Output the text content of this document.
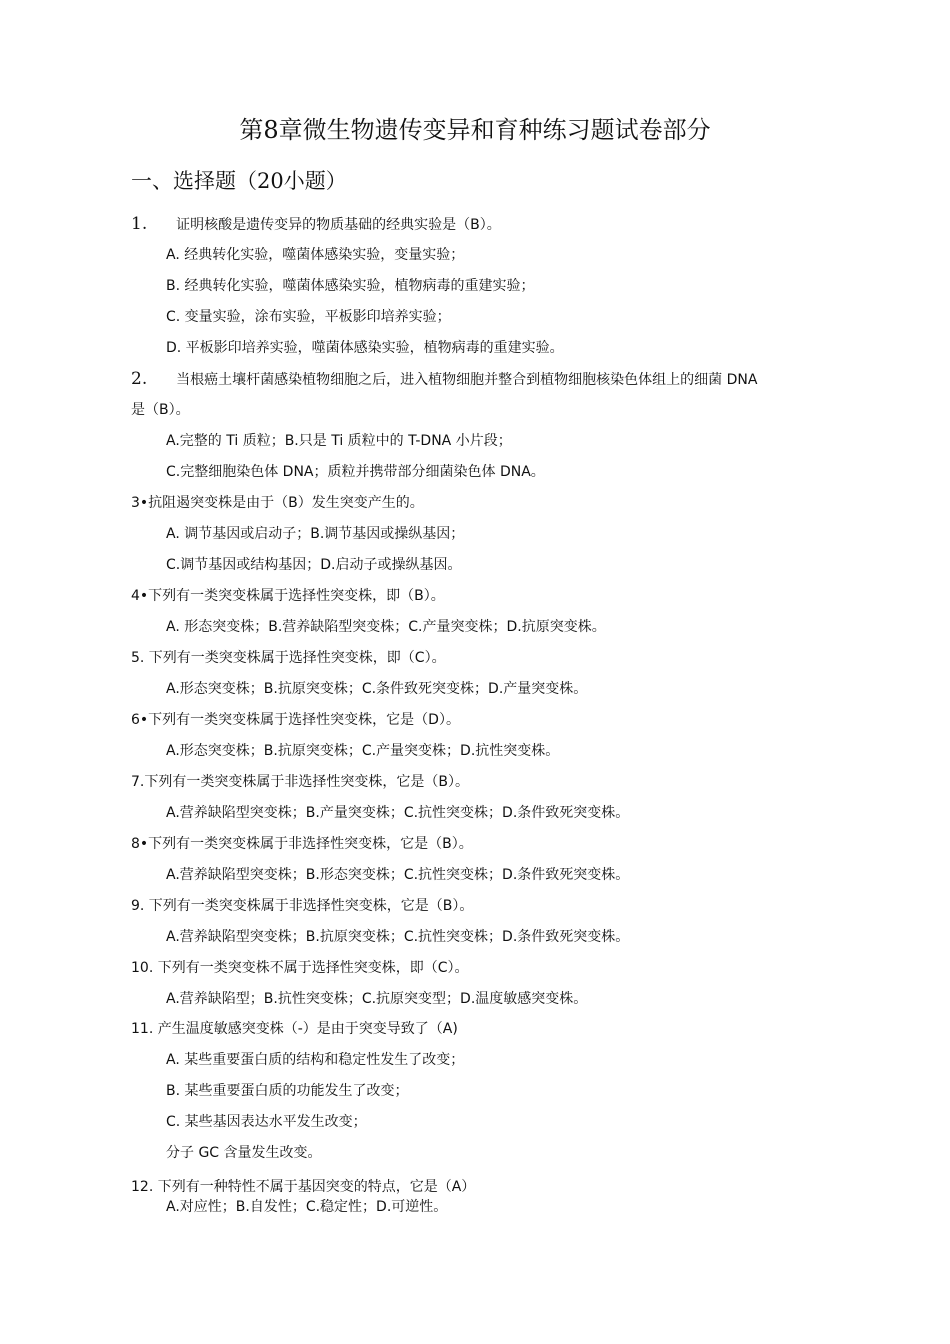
第8章微生物遗传变异和育种练习题试卷部分
一、选择题（20小题）
1. 证明核酸是遗传变异的物质基础的经典实验是（B）。
A. 经典转化实验，噬菌体感染实验，变量实验；
B. 经典转化实验，噬菌体感染实验，植物病毒的重建实验；
C. 变量实验，涂布实验，平板影印培养实验；
D. 平板影印培养实验，噬菌体感染实验，植物病毒的重建实验。
2. 当根癌土壤杆菌感染植物细胞之后，进入植物细胞并整合到植物细胞核染色体组上的细菌 DNA
是（B）。
A.完整的 Ti 质粒；B.只是 Ti 质粒中的 T-DNA 小片段；
C.完整细胞染色体 DNA；质粒并携带部分细菌染色体 DNA。
3•抗阻遏突变株是由于（B）发生突变产生的。
A. 调节基因或启动子；B.调节基因或操纵基因；
C.调节基因或结构基因；D.启动子或操纵基因。
4•下列有一类突变株属于选择性突变株，即（B）。
A. 形态突变株；B.营养缺陷型突变株；C.产量突变株；D.抗原突变株。
5. 下列有一类突变株属于选择性突变株，即（C）。
A.形态突变株；B.抗原突变株；C.条件致死突变株；D.产量突变株。
6•下列有一类突变株属于选择性突变株，它是（D）。
A.形态突变株；B.抗原突变株；C.产量突变株；D.抗性突变株。
7.下列有一类突变株属于非选择性突变株，它是（B）。
A.营养缺陷型突变株；B.产量突变株；C.抗性突变株；D.条件致死突变株。
8•下列有一类突变株属于非选择性突变株，它是（B）。
A.营养缺陷型突变株；B.形态突变株；C.抗性突变株；D.条件致死突变株。
9. 下列有一类突变株属于非选择性突变株，它是（B）。
A.营养缺陷型突变株；B.抗原突变株；C.抗性突变株；D.条件致死突变株。
10. 下列有一类突变株不属于选择性突变株，即（C）。
A.营养缺陷型；B.抗性突变株；C.抗原突变型；D.温度敏感突变株。
11. 产生温度敏感突变株（-）是由于突变导致了（A)
A. 某些重要蛋白质的结构和稳定性发生了改变；
B. 某些重要蛋白质的功能发生了改变；
C. 某些基因表达水平发生改变；
分子 GC 含量发生改变。
12. 下列有一种特性不属于基因突变的特点，它是（A）
A.对应性；B.自发性；C.稳定性；D.可逆性。
